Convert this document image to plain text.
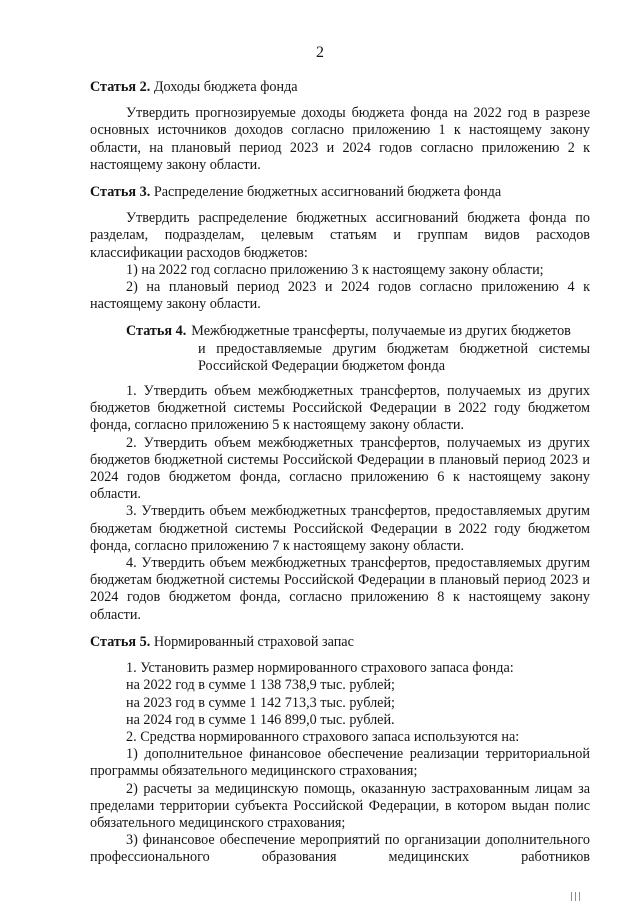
2

Статья 2. Доходы бюджета фонда

Утвердить прогнозируемые доходы бюджета фонда на 2022 год в разрезе основных источников доходов согласно приложению 1 к настоящему закону области, на плановый период 2023 и 2024 годов согласно приложению 2 к настоящему закону области.

Статья 3. Распределение бюджетных ассигнований бюджета фонда

Утвердить распределение бюджетных ассигнований бюджета фонда по разделам, подразделам, целевым статьям и группам видов расходов классификации расходов бюджетов:

1) на 2022 год согласно приложению 3 к настоящему закону области;

2) на плановый период 2023 и 2024 годов согласно приложению 4 к настоящему закону области.

Статья 4. Межбюджетные трансферты, получаемые из других бюджетов

и предоставляемые другим бюджетам бюджетной системы Российской Федерации бюджетом фонда

1. Утвердить объем межбюджетных трансфертов, получаемых из других бюджетов бюджетной системы Российской Федерации в 2022 году бюджетом фонда, согласно приложению 5 к настоящему закону области.

2. Утвердить объем межбюджетных трансфертов, получаемых из других бюджетов бюджетной системы Российской Федерации в плановый период 2023 и 2024 годов бюджетом фонда, согласно приложению 6 к настоящему закону области.

3. Утвердить объем межбюджетных трансфертов, предоставляемых другим бюджетам бюджетной системы Российской Федерации в 2022 году бюджетом фонда, согласно приложению 7 к настоящему закону области.

4. Утвердить объем межбюджетных трансфертов, предоставляемых другим бюджетам бюджетной системы Российской Федерации в плановый период 2023 и 2024 годов бюджетом фонда, согласно приложению 8 к настоящему закону области.

Статья 5. Нормированный страховой запас

1. Установить размер нормированного страхового запаса фонда:

на 2022 год в сумме 1 138 738,9 тыс. рублей;

на 2023 год в сумме 1 142 713,3 тыс. рублей;

на 2024 год в сумме 1 146 899,0 тыс. рублей.

2. Средства нормированного страхового запаса используются на:

1) дополнительное финансовое обеспечение реализации территориальной программы обязательного медицинского страхования;

2) расчеты за медицинскую помощь, оказанную застрахованным лицам за пределами территории субъекта Российской Федерации, в котором выдан полис обязательного медицинского страхования;

3) финансовое обеспечение мероприятий по организации дополнительного профессионального образования медицинских работников

|||
